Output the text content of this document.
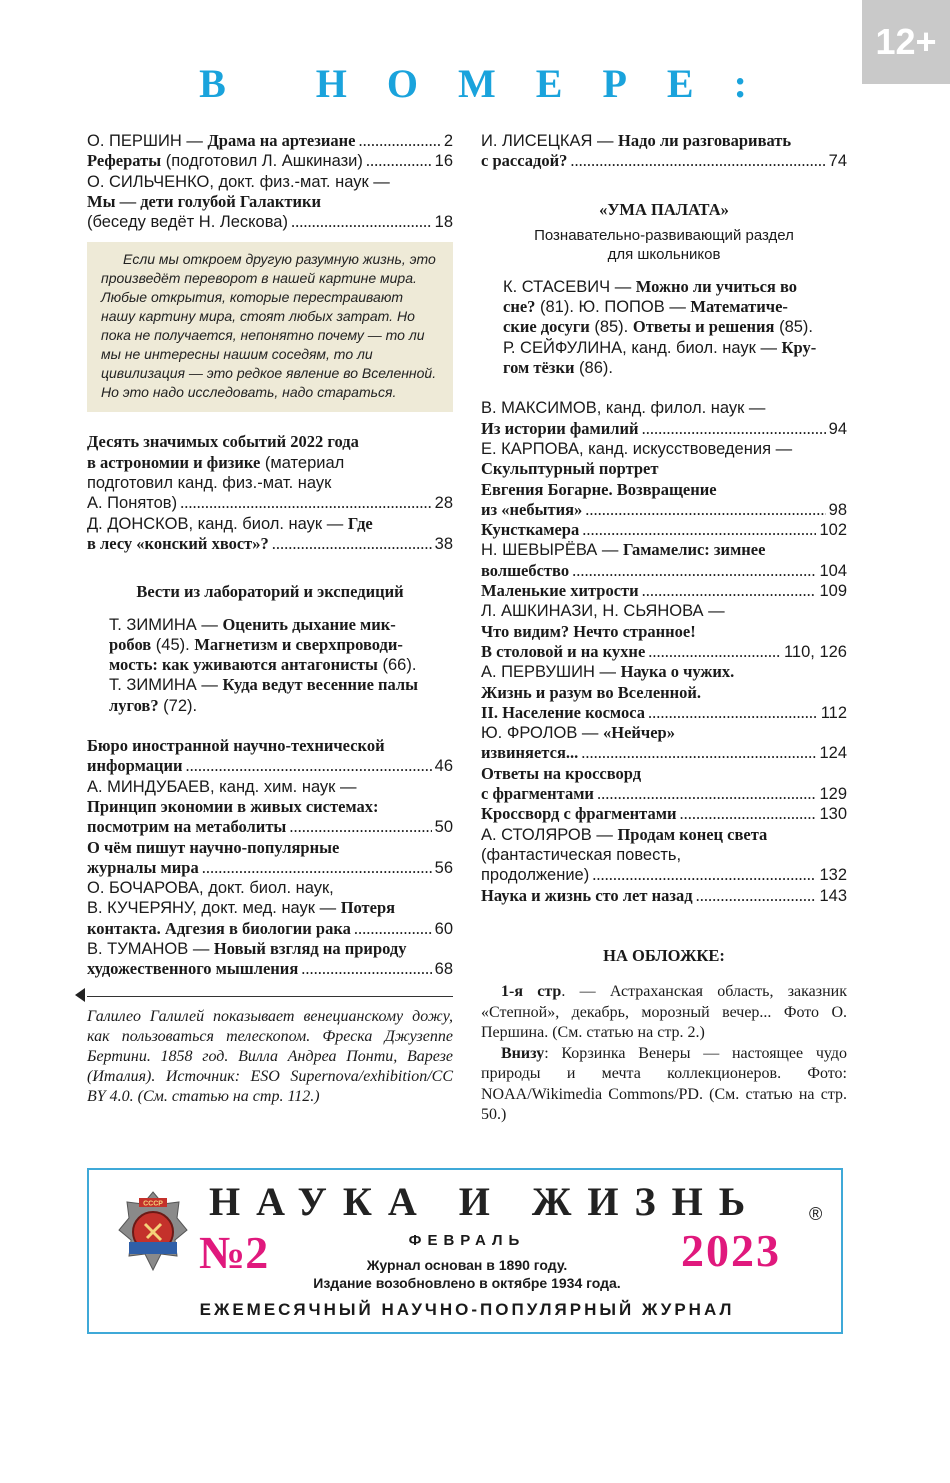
12+
В НОМЕРЕ:
О. ПЕРШИН — Драма на артезиане .....	2
Рефераты (подготовил Л. Ашкинази) .....	16
О. СИЛЬЧЕНКО, докт. физ.-мат. наук —
Мы — дети голубой Галактики
(беседу ведёт Н. Лескова) .....	18
Если мы откроем другую разумную жизнь, это произведёт переворот в нашей картине мира. Любые открытия, которые перестраивают нашу картину мира, стоят любых затрат. Но пока не получается, непонятно почему — то ли мы не интересны нашим соседям, то ли цивилизация — это редкое явление во Вселенной. Но это надо исследовать, надо стараться.
Десять значимых событий 2022 года
в астрономии и физике (материал
подготовил канд. физ.-мат. наук
А. Понятов) .....	28
Д. ДОНСКОВ, канд. биол. наук — Где
в лесу «конский хвост»? .....	38
Вести из лабораторий и экспедиций
Т. ЗИМИНА — Оценить дыхание мик-
робов (45). Магнетизм и сверхпроводи-
мость: как уживаются антагонисты (66).
Т. ЗИМИНА — Куда ведут весенние палы
лугов? (72).
Бюро иностранной научно-технической
информации .....	46
А. МИНДУБАЕВ, канд. хим. наук —
Принцип экономии в живых системах:
посмотрим на метаболиты .....	50
О чём пишут научно-популярные
журналы мира .....	56
О. БОЧАРОВА, докт. биол. наук,
В. КУЧЕРЯНУ, докт. мед. наук — Потеря
контакта. Адгезия в биологии рака .....	60
В. ТУМАНОВ — Новый взгляд на природу
художественного мышления .....	68
Галилео Галилей показывает венецианскому дожу, как пользоваться телескопом. Фреска Джузеппе Бертини. 1858 год. Вилла Андреа Понти, Варезе (Италия). Источник: ESO Supernova/exhibition/CC BY 4.0. (См. статью на стр. 112.)
И. ЛИСЕЦКАЯ — Надо ли разговаривать
с рассадой? .....	74
«УМА ПАЛАТА»
Познавательно-развивающий раздел
для школьников
К. СТАСЕВИЧ — Можно ли учиться во
сне? (81). Ю. ПОПОВ — Математиче-
ские досуги (85). Ответы и решения (85).
Р. СЕЙФУЛИНА, канд. биол. наук — Кру-
гом тёзки (86).
В. МАКСИМОВ, канд. филол. наук —
Из истории фамилий .....	94
Е. КАРПОВА, канд. искусствоведения —
Скульптурный портрет
Евгения Богарне. Возвращение
из «небытия» .....	98
Кунсткамера .....	102
Н. ШЕВЫРЁВА — Гамамелис: зимнее
волшебство .....	104
Маленькие хитрости .....	109
Л. АШКИНАЗИ, Н. СЬЯНОВА —
Что видим? Нечто странное!
В столовой и на кухне .....	110, 126
А. ПЕРВУШИН — Наука о чужих.
Жизнь и разум во Вселенной.
II. Население космоса .....	112
Ю. ФРОЛОВ — «Нейчер»
извиняется... .....	124
Ответы на кроссворд
с фрагментами .....	129
Кроссворд с фрагментами .....	130
А. СТОЛЯРОВ — Продам конец света
(фантастическая повесть,
продолжение) .....	132
Наука и жизнь сто лет назад .....	143
НА ОБЛОЖКЕ:

1-я стр. — Астраханская область, заказник «Степной», декабрь, морозный вечер... Фото О. Першина. (См. статью на стр. 2.)

Внизу: Корзинка Венеры — настоящее чудо природы и мечта коллекционеров. Фото: NOAA/Wikimedia Commons/PD. (См. статью на стр. 50.)

СССР НАУКА И ЖИЗНЬ	®
№2	ФЕВРАЛЬ
Журнал основан в 1890 году.
Издание возобновлено в октябре 1934 года.
2023
ЕЖЕМЕСЯЧНЫЙ НАУЧНО-ПОПУЛЯРНЫЙ ЖУРНАЛ
